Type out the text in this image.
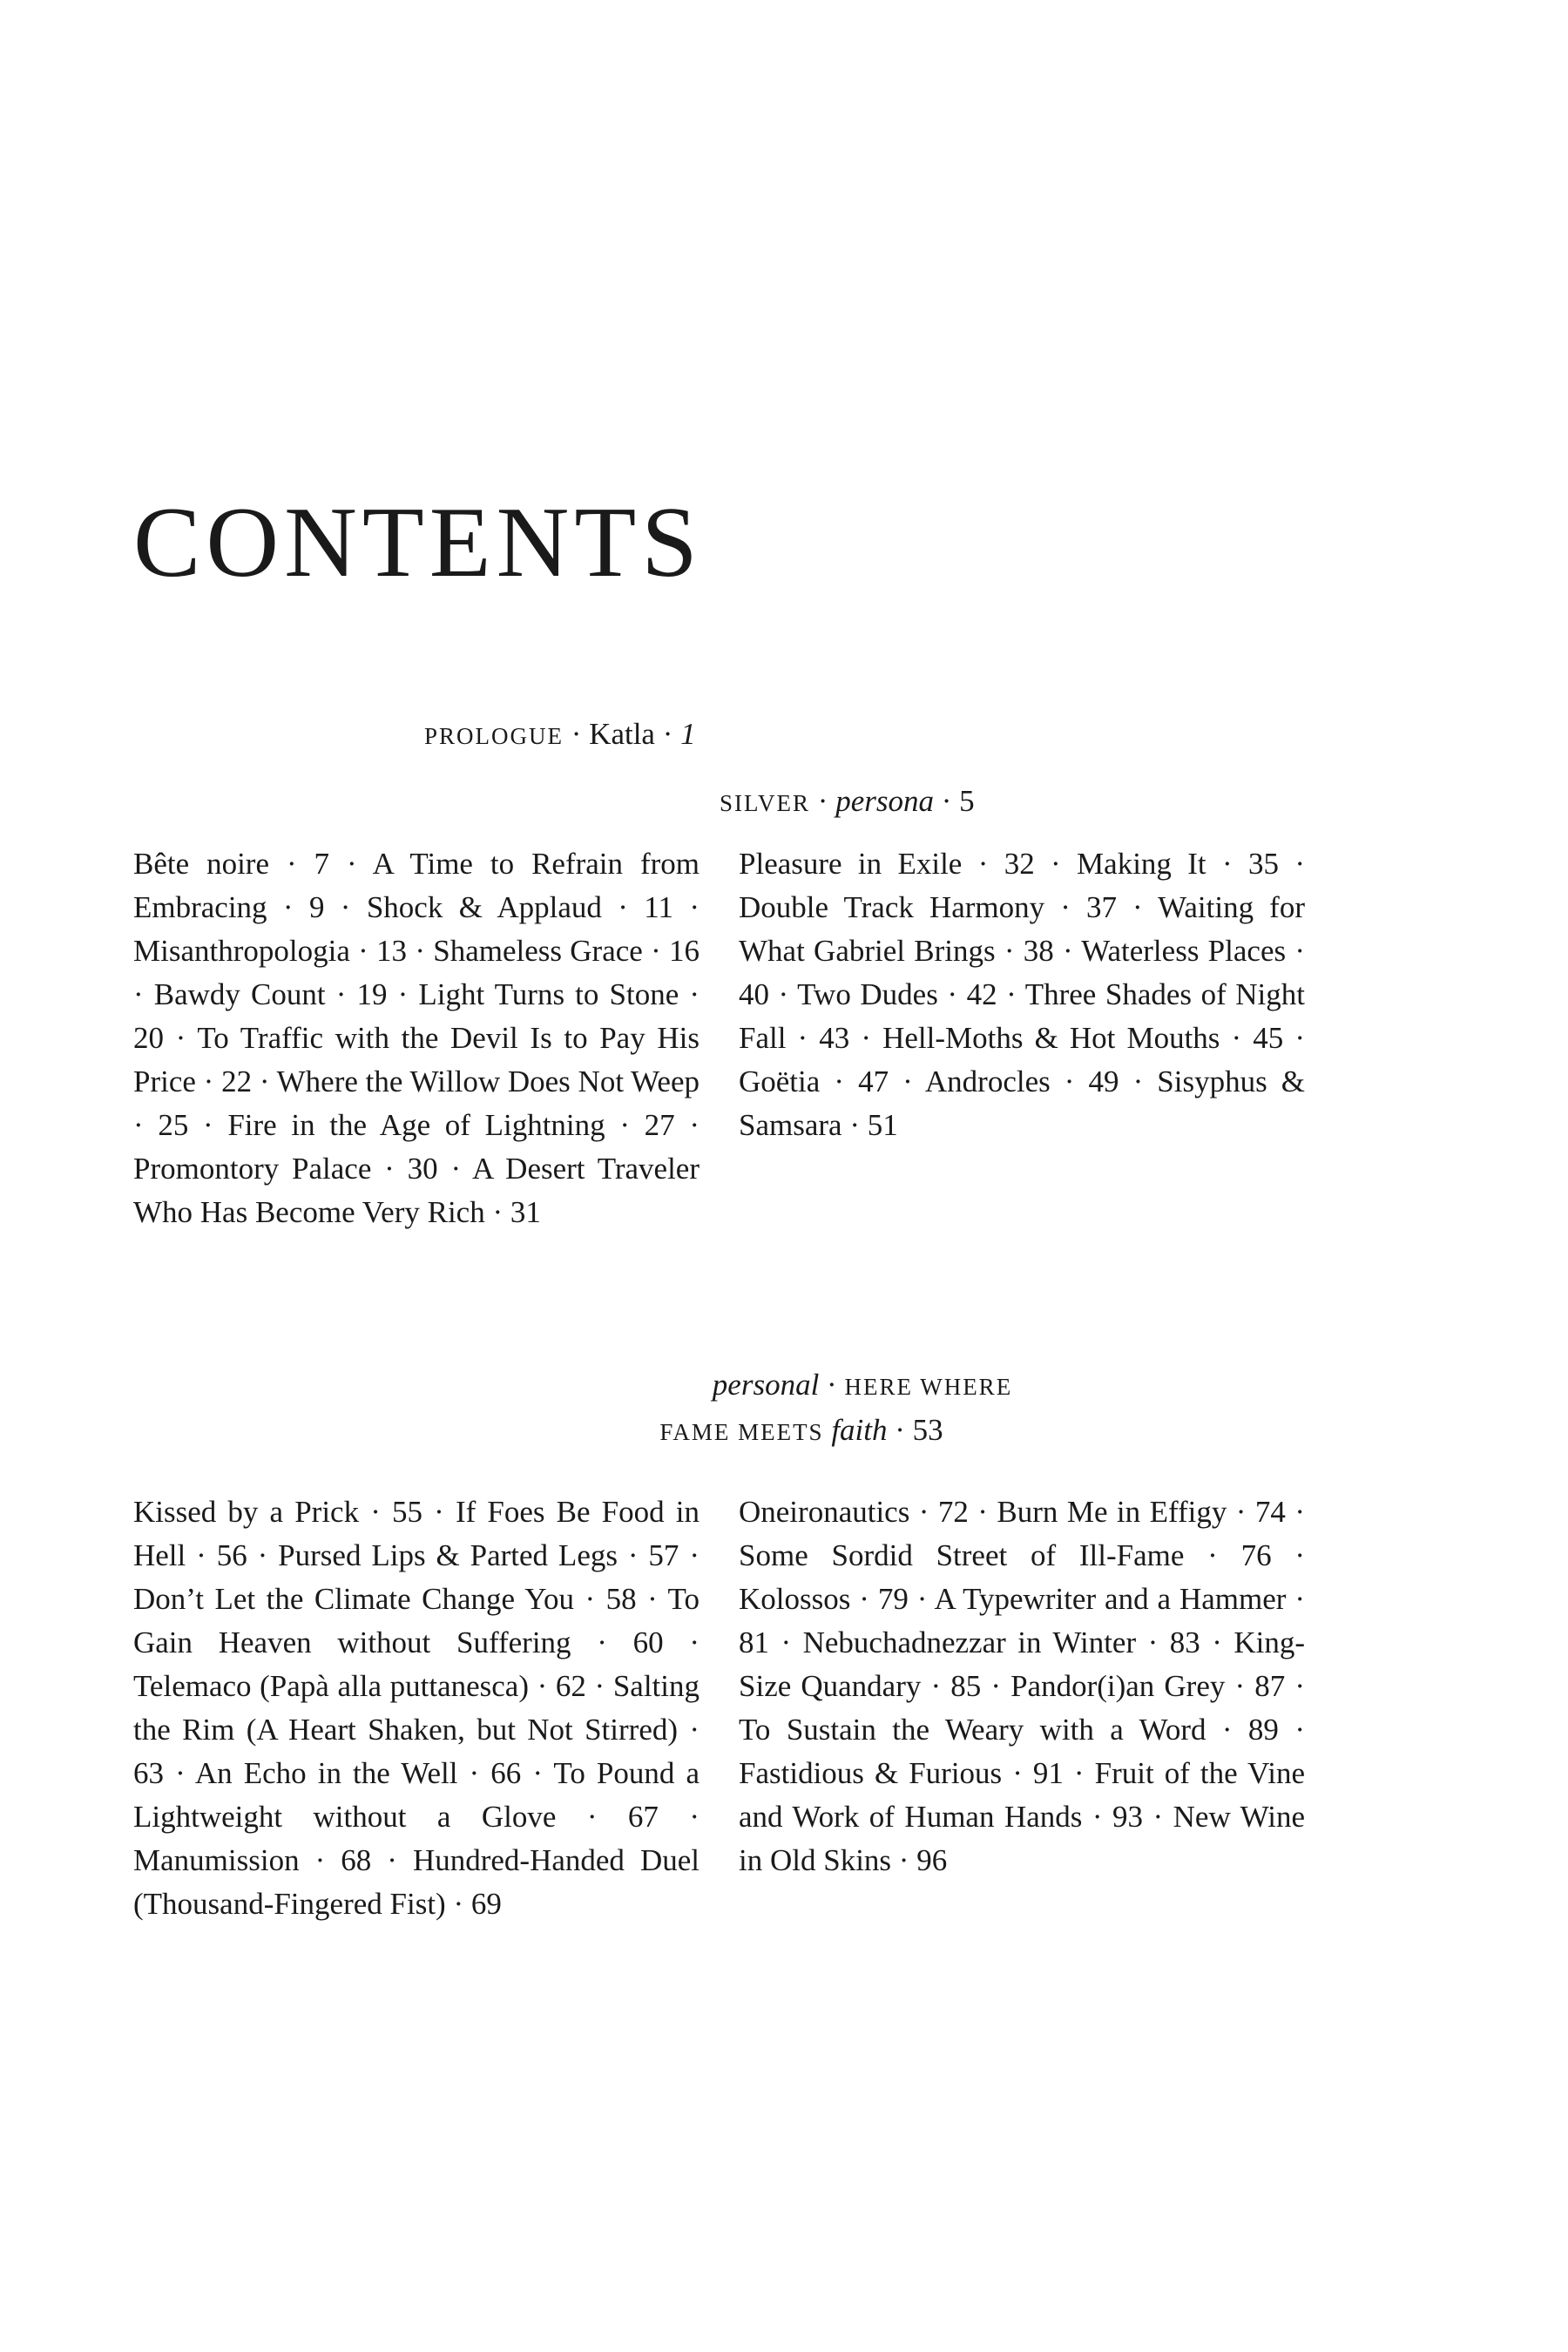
CONTENTS
PROLOGUE · Katla · 1
SILVER · persona · 5
Bête noire · 7 · A Time to Refrain from Embracing · 9 · Shock & Applaud · 11 · Misanthropologia · 13 · Shameless Grace · 16 · Bawdy Count · 19 · Light Turns to Stone · 20 · To Traffic with the Devil Is to Pay His Price · 22 · Where the Willow Does Not Weep · 25 · Fire in the Age of Lightning · 27 · Promontory Palace · 30 · A Desert Traveler Who Has Become Very Rich · 31
Pleasure in Exile · 32 · Making It · 35 · Double Track Harmony · 37 · Waiting for What Gabriel Brings · 38 · Waterless Places · 40 · Two Dudes · 42 · Three Shades of Night Fall · 43 · Hell-Moths & Hot Mouths · 45 · Goëtia · 47 · Androcles · 49 · Sisyphus & Samsara · 51
personal · HERE WHERE
FAME MEETS faith · 53
Kissed by a Prick · 55 · If Foes Be Food in Hell · 56 · Pursed Lips & Parted Legs · 57 · Don’t Let the Climate Change You · 58 · To Gain Heaven without Suffering · 60 · Telemaco (Papà alla puttanesca) · 62 · Salting the Rim (A Heart Shaken, but Not Stirred) · 63 · An Echo in the Well · 66 · To Pound a Lightweight without a Glove · 67 · Manumission · 68 · Hundred-Handed Duel (Thousand-Fingered Fist) · 69
Oneironautics · 72 · Burn Me in Effigy · 74 · Some Sordid Street of Ill-Fame · 76 · Kolossos · 79 · A Typewriter and a Hammer · 81 · Nebuchadnezzar in Winter · 83 · King-Size Quandary · 85 · Pandor(i)an Grey · 87 · To Sustain the Weary with a Word · 89 · Fastidious & Furious · 91 · Fruit of the Vine and Work of Human Hands · 93 · New Wine in Old Skins · 96
